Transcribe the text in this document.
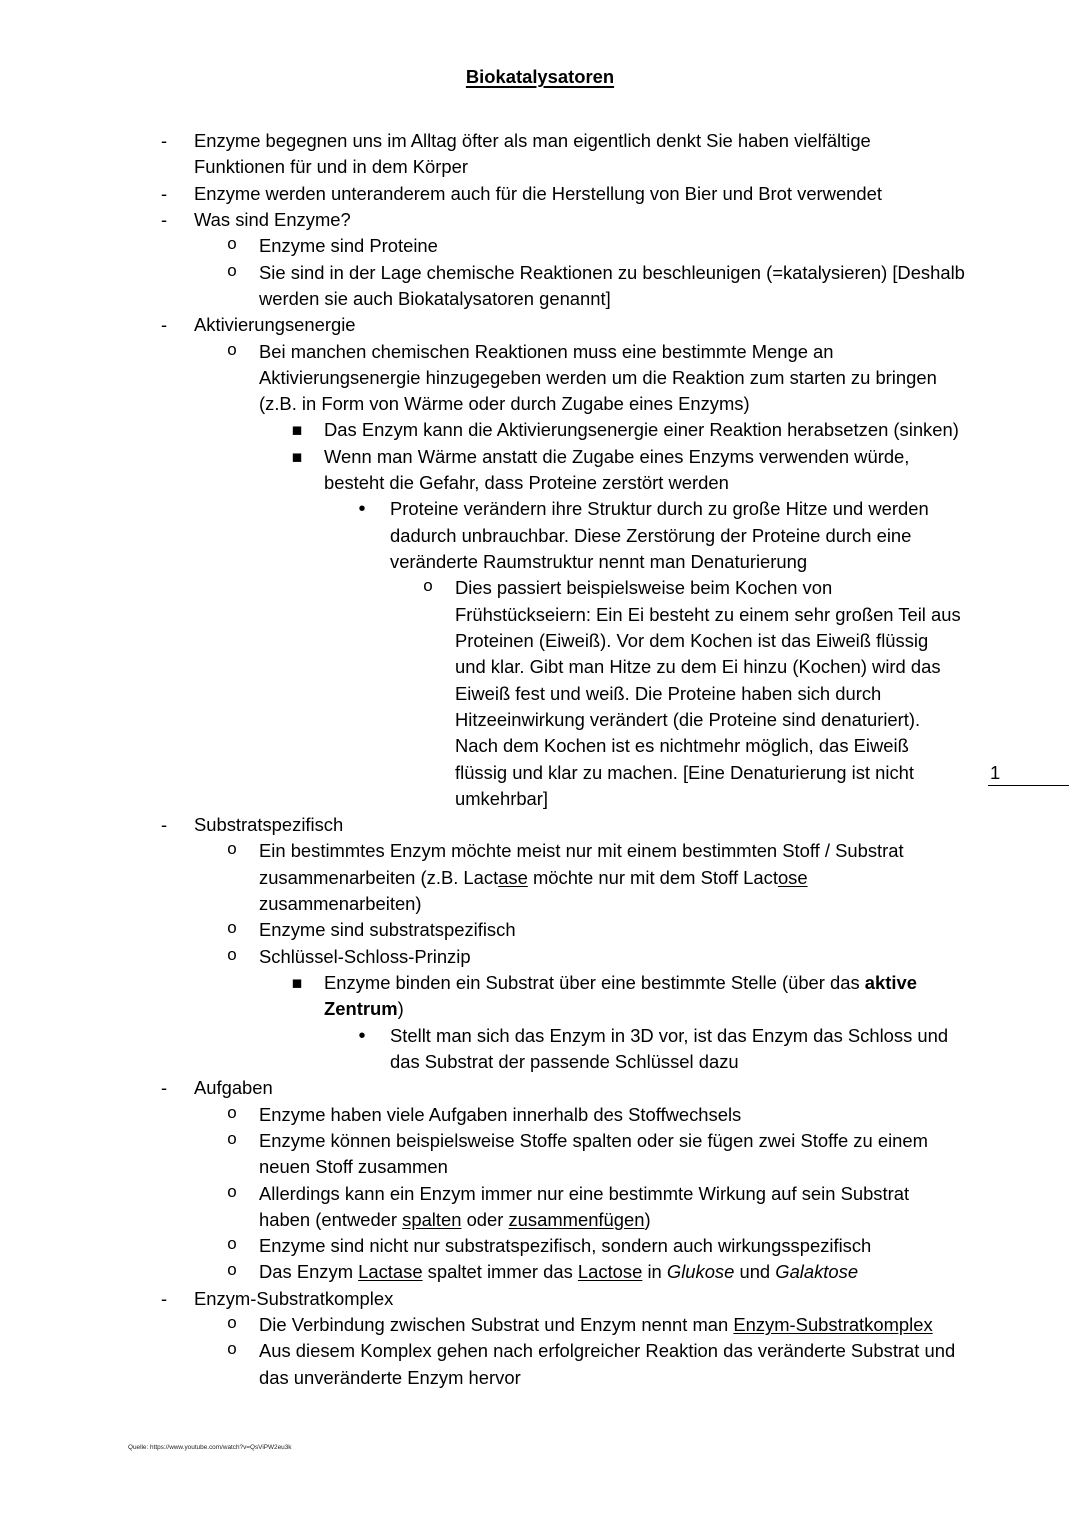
Biokatalysatoren
-	Enzyme begegnen uns im Alltag öfter als man eigentlich denkt Sie haben vielfältige
Funktionen für und in dem Körper
-	Enzyme werden unteranderem auch für die Herstellung von Bier und Brot verwendet
-	Was sind Enzyme?
o	Enzyme sind Proteine
o	Sie sind in der Lage chemische Reaktionen zu beschleunigen (=katalysieren) [Deshalb
werden sie auch Biokatalysatoren genannt]
-	Aktivierungsenergie
o	Bei manchen chemischen Reaktionen muss eine bestimmte Menge an
Aktivierungsenergie hinzugegeben werden um die Reaktion zum starten zu bringen
(z.B. in Form von Wärme oder durch Zugabe eines Enzyms)
▪	Das Enzym kann die Aktivierungsenergie einer Reaktion herabsetzen (sinken)
▪	Wenn man Wärme anstatt die Zugabe eines Enzyms verwenden würde,
besteht die Gefahr, dass Proteine zerstört werden
•	Proteine verändern ihre Struktur durch zu große Hitze und werden
dadurch unbrauchbar. Diese Zerstörung der Proteine durch eine
veränderte Raumstruktur nennt man Denaturierung
o	Dies passiert beispielsweise beim Kochen von
Frühstückseiern: Ein Ei besteht zu einem sehr großen Teil aus
Proteinen (Eiweiß). Vor dem Kochen ist das Eiweiß flüssig
und klar. Gibt man Hitze zu dem Ei hinzu (Kochen) wird das
Eiweiß fest und weiß. Die Proteine haben sich durch
Hitzeeinwirkung verändert (die Proteine sind denaturiert).
Nach dem Kochen ist es nichtmehr möglich, das Eiweiß
flüssig und klar zu machen. [Eine Denaturierung ist nicht
umkehrbar]
-	Substratspezifisch
o	Ein bestimmtes Enzym möchte meist nur mit einem bestimmten Stoff / Substrat
zusammenarbeiten (z.B. Lactase möchte nur mit dem Stoff Lactose
zusammenarbeiten)
o	Enzyme sind substratspezifisch
o	Schlüssel-Schloss-Prinzip
▪	Enzyme binden ein Substrat über eine bestimmte Stelle (über das aktive
Zentrum)
•	Stellt man sich das Enzym in 3D vor, ist das Enzym das Schloss und
das Substrat der passende Schlüssel dazu
-	Aufgaben
o	Enzyme haben viele Aufgaben innerhalb des Stoffwechsels
o	Enzyme können beispielsweise Stoffe spalten oder sie fügen zwei Stoffe zu einem
neuen Stoff zusammen
o	Allerdings kann ein Enzym immer nur eine bestimmte Wirkung auf sein Substrat
haben (entweder spalten oder zusammenfügen)
o	Enzyme sind nicht nur substratspezifisch, sondern auch wirkungsspezifisch
o	Das Enzym Lactase spaltet immer das Lactose in Glukose und Galaktose
-	Enzym-Substratkomplex
o	Die Verbindung zwischen Substrat und Enzym nennt man Enzym-Substratkomplex
o	Aus diesem Komplex gehen nach erfolgreicher Reaktion das veränderte Substrat und
das unveränderte Enzym hervor
1
Quelle: https://www.youtube.com/watch?v=QsViPW2eu3k
